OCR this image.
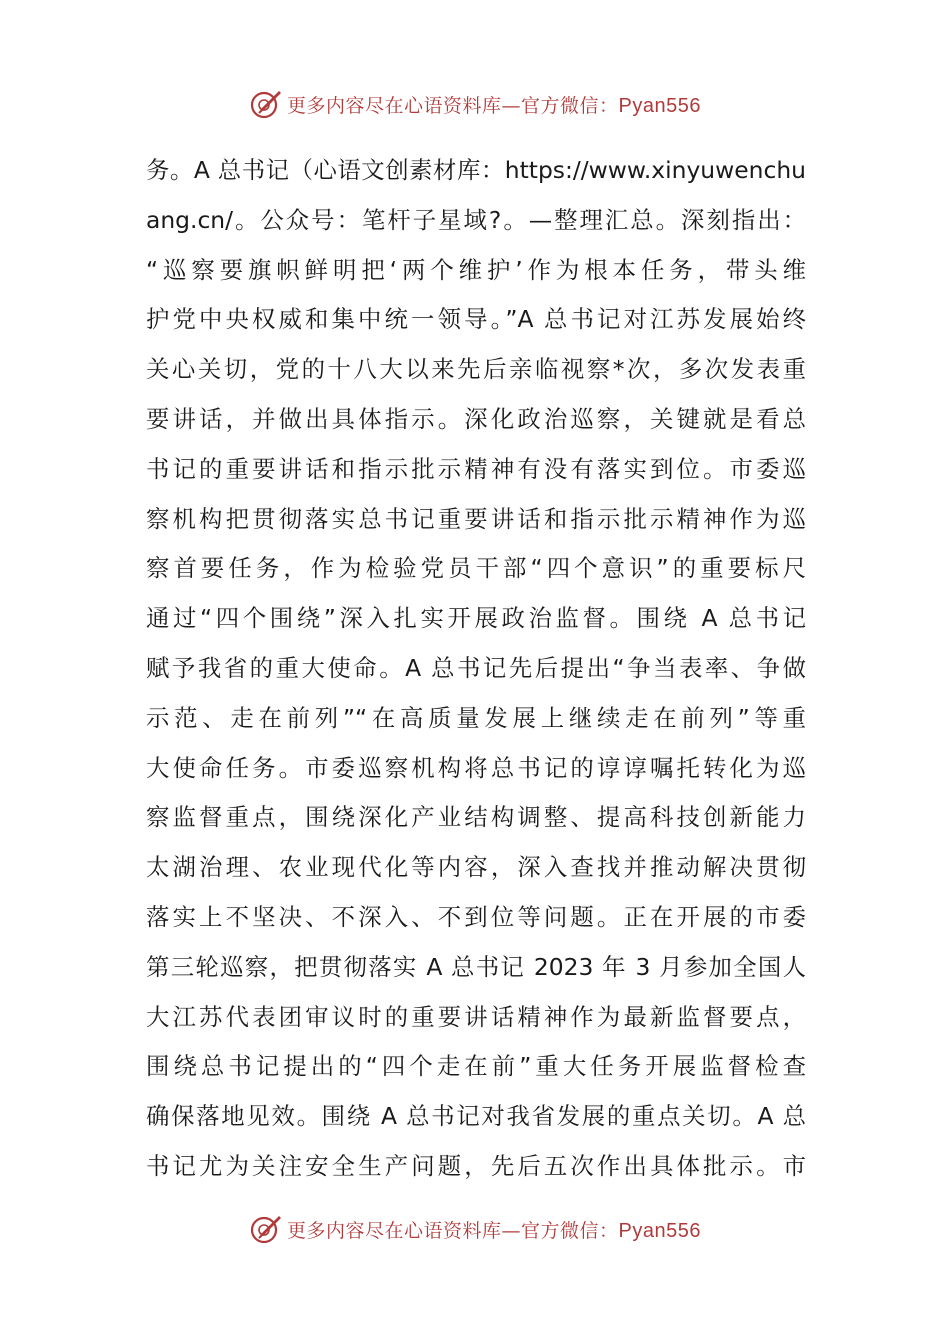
更多内容尽在心语资料库—官方微信：Pyan556
务。A 总书记（心语文创素材库：https://www.xinyuwenchu
ang.cn/。公众号：笔杆子星域?。—整理汇总。深刻指出：
“巡察要旗帜鲜明把‘两个维护’作为根本任务，带头维
护党中央权威和集中统一领导。”A 总书记对江苏发展始终
关心关切，党的十八大以来先后亲临视察*次，多次发表重
要讲话，并做出具体指示。深化政治巡察，关键就是看总
书记的重要讲话和指示批示精神有没有落实到位。市委巡
察机构把贯彻落实总书记重要讲话和指示批示精神作为巡
察首要任务，作为检验党员干部“四个意识”的重要标尺
通过“四个围绕”深入扎实开展政治监督。围绕 A 总书记
赋予我省的重大使命。A 总书记先后提出“争当表率、争做
示范、走在前列”“在高质量发展上继续走在前列”等重
大使命任务。市委巡察机构将总书记的谆谆嘱托转化为巡
察监督重点，围绕深化产业结构调整、提高科技创新能力
太湖治理、农业现代化等内容，深入查找并推动解决贯彻
落实上不坚决、不深入、不到位等问题。正在开展的市委
第三轮巡察，把贯彻落实 A 总书记 2023 年 3 月参加全国人
大江苏代表团审议时的重要讲话精神作为最新监督要点，
围绕总书记提出的“四个走在前”重大任务开展监督检查
确保落地见效。围绕 A 总书记对我省发展的重点关切。A 总
书记尤为关注安全生产问题，先后五次作出具体批示。市
更多内容尽在心语资料库—官方微信：Pyan556
